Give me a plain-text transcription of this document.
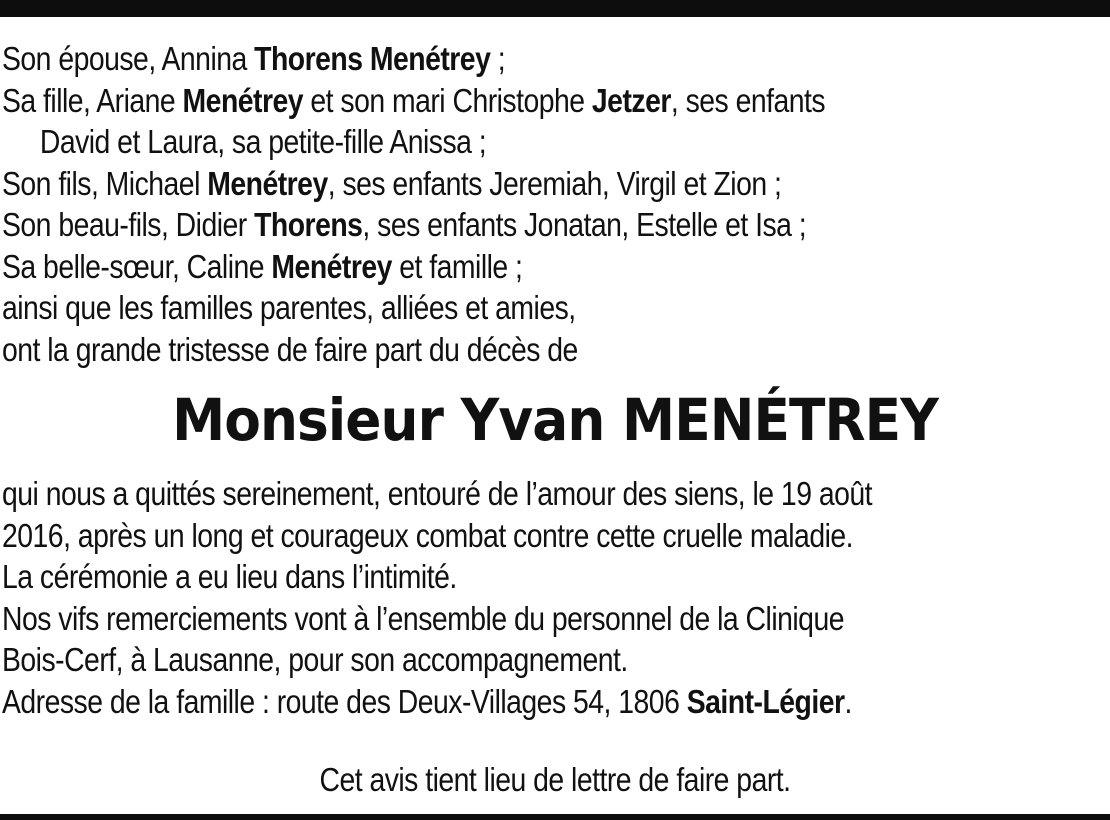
Son épouse, Annina Thorens Menétrey ;
Sa fille, Ariane Menétrey et son mari Christophe Jetzer, ses enfants
David et Laura, sa petite-fille Anissa ;
Son fils, Michael Menétrey, ses enfants Jeremiah, Virgil et Zion ;
Son beau-fils, Didier Thorens, ses enfants Jonatan, Estelle et Isa ;
Sa belle-sœur, Caline Menétrey et famille ;
ainsi que les familles parentes, alliées et amies,
ont la grande tristesse de faire part du décès de
Monsieur Yvan MENÉTREY
qui nous a quittés sereinement, entouré de l’amour des siens, le 19 août
2016, après un long et courageux combat contre cette cruelle maladie.
La cérémonie a eu lieu dans l’intimité.
Nos vifs remerciements vont à l’ensemble du personnel de la Clinique
Bois-Cerf, à Lausanne, pour son accompagnement.
Adresse de la famille : route des Deux-Villages 54, 1806 Saint-Légier.
Cet avis tient lieu de lettre de faire part.
